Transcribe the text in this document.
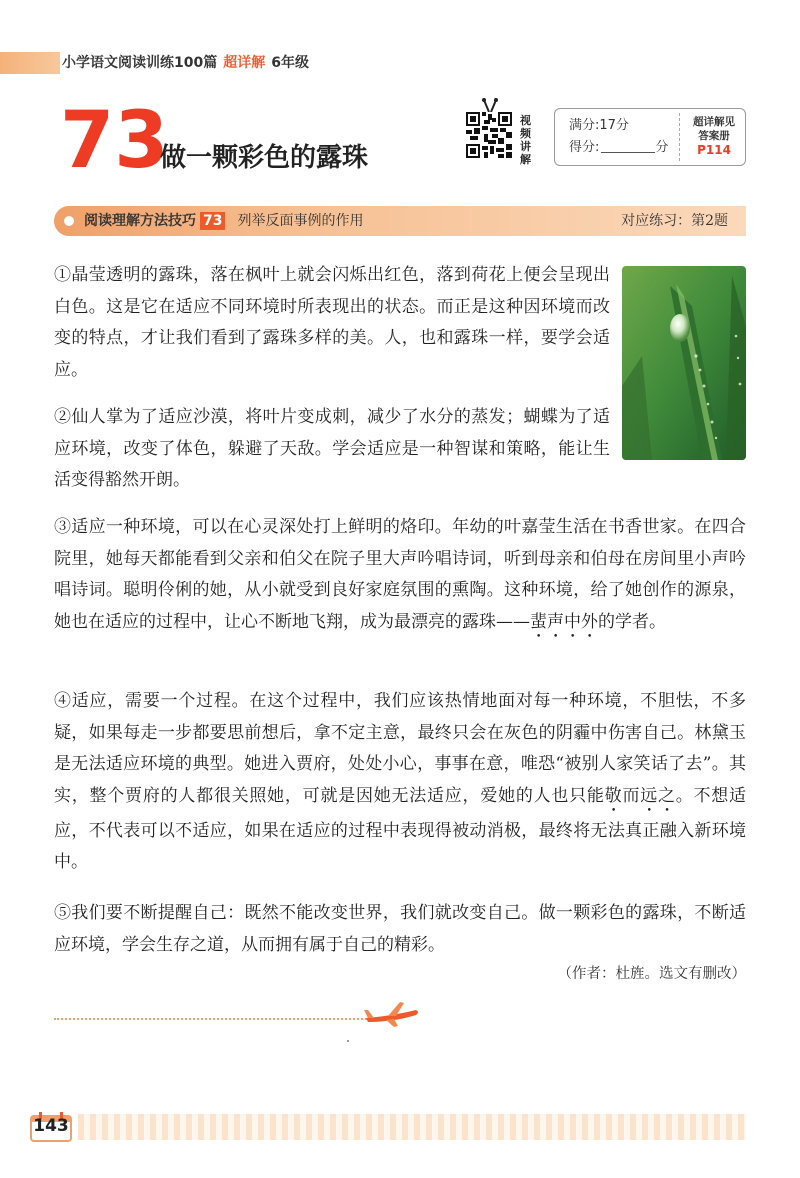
小学语文阅读训练100篇 超详解 6年级
73
做一颗彩色的露珠
视频讲解
满分:17分
得分:	分
超详解见
答案册
P114
阅读理解方法技巧 73 列举反面事例的作用	对应练习：第2题
①晶莹透明的露珠，落在枫叶上就会闪烁出红色，落到荷花上便会呈现出白色。这是它在适应不同环境时所表现出的状态。而正是这种因环境而改变的特点，才让我们看到了露珠多样的美。人，也和露珠一样，要学会适应。
②仙人掌为了适应沙漠，将叶片变成刺，减少了水分的蒸发；蝴蝶为了适应环境，改变了体色，躲避了天敌。学会适应是一种智谋和策略，能让生活变得豁然开朗。
③适应一种环境，可以在心灵深处打上鲜明的烙印。年幼的叶嘉莹生活在书香世家。在四合院里，她每天都能看到父亲和伯父在院子里大声吟唱诗词，听到母亲和伯母在房间里小声吟唱诗词。聪明伶俐的她，从小就受到良好家庭氛围的熏陶。这种环境，给了她创作的源泉，她也在适应的过程中，让心不断地飞翔，成为最漂亮的露珠——蜚声中外的学者。
④适应，需要一个过程。在这个过程中，我们应该热情地面对每一种环境，不胆怯，不多疑，如果每走一步都要思前想后，拿不定主意，最终只会在灰色的阴霾中伤害自己。林黛玉是无法适应环境的典型。她进入贾府，处处小心，事事在意，唯恐“被别人家笑话了去”。其实，整个贾府的人都很关照她，可就是因她无法适应，爱她的人也只能敬而远之。不想适应，不代表可以不适应，如果在适应的过程中表现得被动消极，最终将无法真正融入新环境中。
⑤我们要不断提醒自己：既然不能改变世界，我们就改变自己。做一颗彩色的露珠，不断适应环境，学会生存之道，从而拥有属于自己的精彩。
（作者：杜旌。选文有删改）
143
